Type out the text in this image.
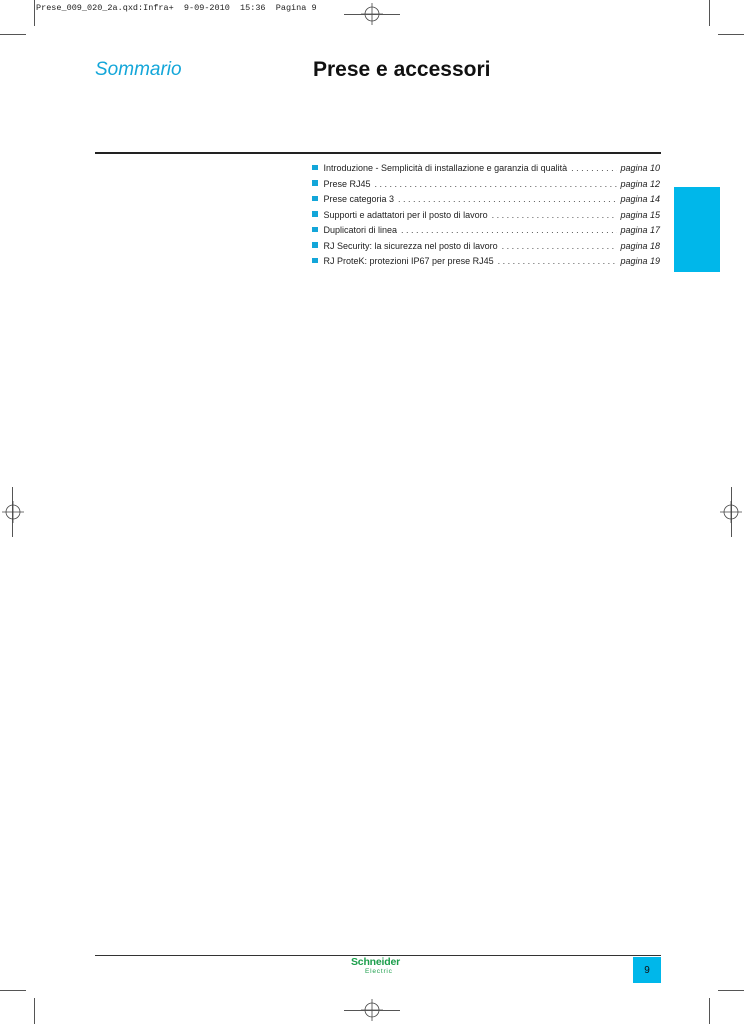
Prese_009_020_2a.qxd:Infra+  9-09-2010  15:36  Pagina 9
Sommario	Prese e accessori
Introduzione - Semplicità di installazione e garanzia di qualità . . .	pagina 10
Prese RJ45 . . .	pagina 12
Prese categoria 3 . . .	pagina 14
Supporti e adattatori per il posto di lavoro . . .	pagina 15
Duplicatori di linea . . .	pagina 17
RJ Security: la sicurezza nel posto di lavoro . . .	pagina 18
RJ ProteK: protezioni IP67 per prese RJ45 . . .	pagina 19
Schneider
Electric	9
